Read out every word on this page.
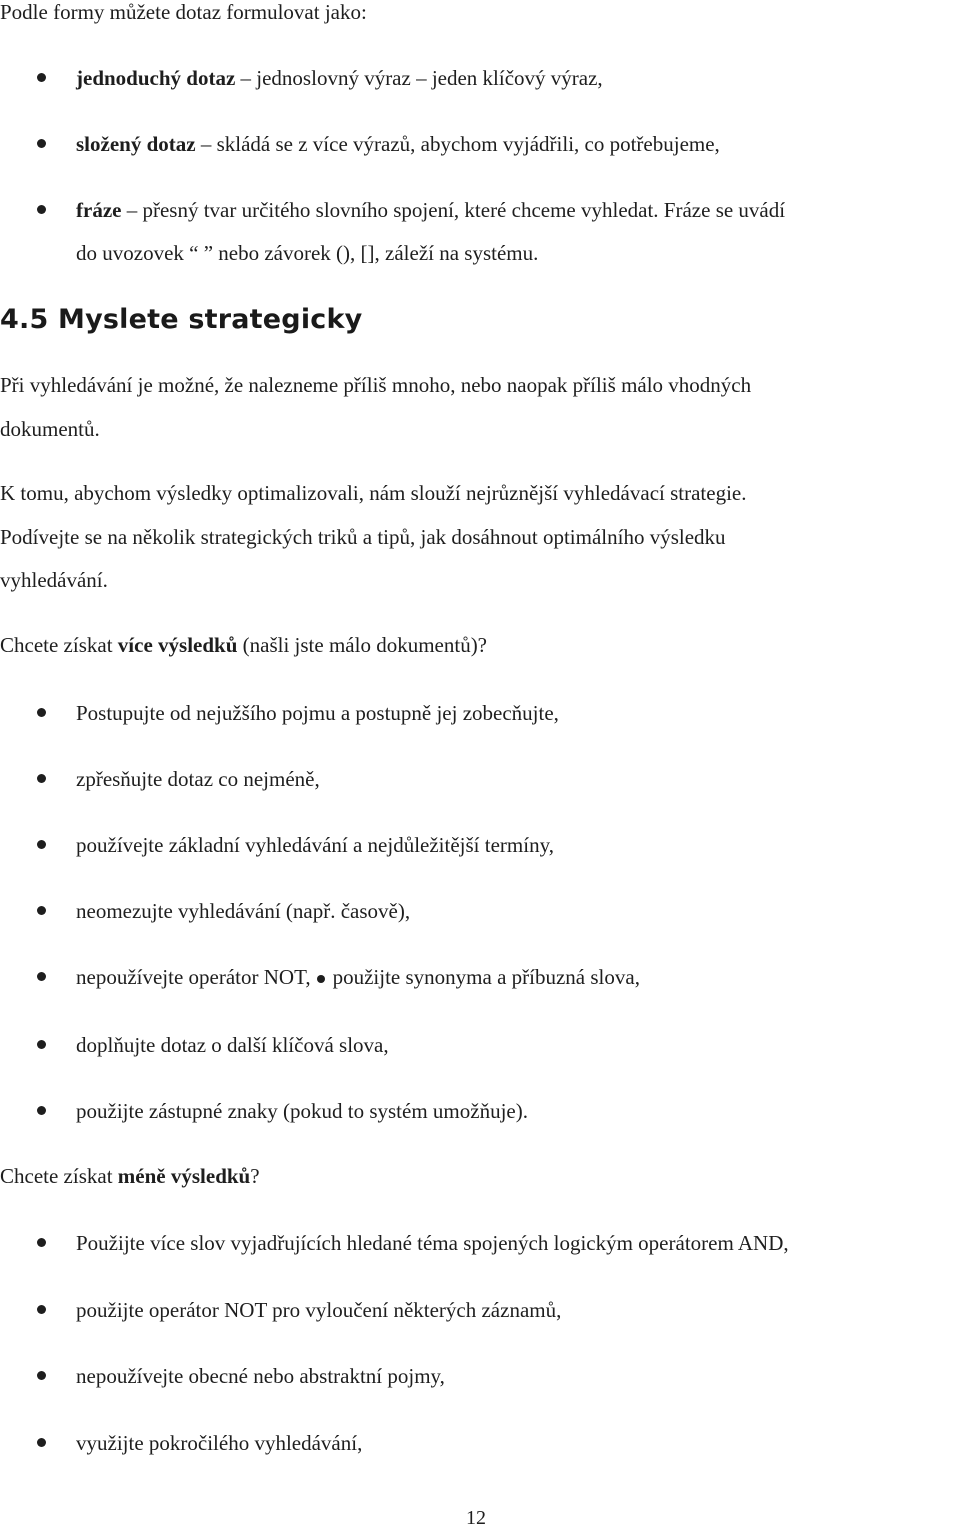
Podle formy můžete dotaz formulovat jako:
jednoduchý dotaz – jednoslovný výraz – jeden klíčový výraz,
složený dotaz – skládá se z více výrazů, abychom vyjádřili, co potřebujeme,
fráze – přesný tvar určitého slovního spojení, které chceme vyhledat. Fráze se uvádí
do uvozovek “ ” nebo závorek (), [], záleží na systému.
4.5 Myslete strategicky
Při vyhledávání je možné, že nalezneme příliš mnoho, nebo naopak příliš málo vhodných
dokumentů.
K tomu, abychom výsledky optimalizovali, nám slouží nejrůznější vyhledávací strategie.
Podívejte se na několik strategických triků a tipů, jak dosáhnout optimálního výsledku
vyhledávání.
Chcete získat více výsledků (našli jste málo dokumentů)?
Postupujte od nejužšího pojmu a postupně jej zobecňujte,
zpřesňujte dotaz co nejméně,
používejte základní vyhledávání a nejdůležitější termíny,
neomezujte vyhledávání (např. časově),
nepoužívejte operátor NOT, použijte synonyma a příbuzná slova,
doplňujte dotaz o další klíčová slova,
použijte zástupné znaky (pokud to systém umožňuje).
Chcete získat méně výsledků?
Použijte více slov vyjadřujících hledané téma spojených logickým operátorem AND,
použijte operátor NOT pro vyloučení některých záznamů,
nepoužívejte obecné nebo abstraktní pojmy,
využijte pokročilého vyhledávání,
12
